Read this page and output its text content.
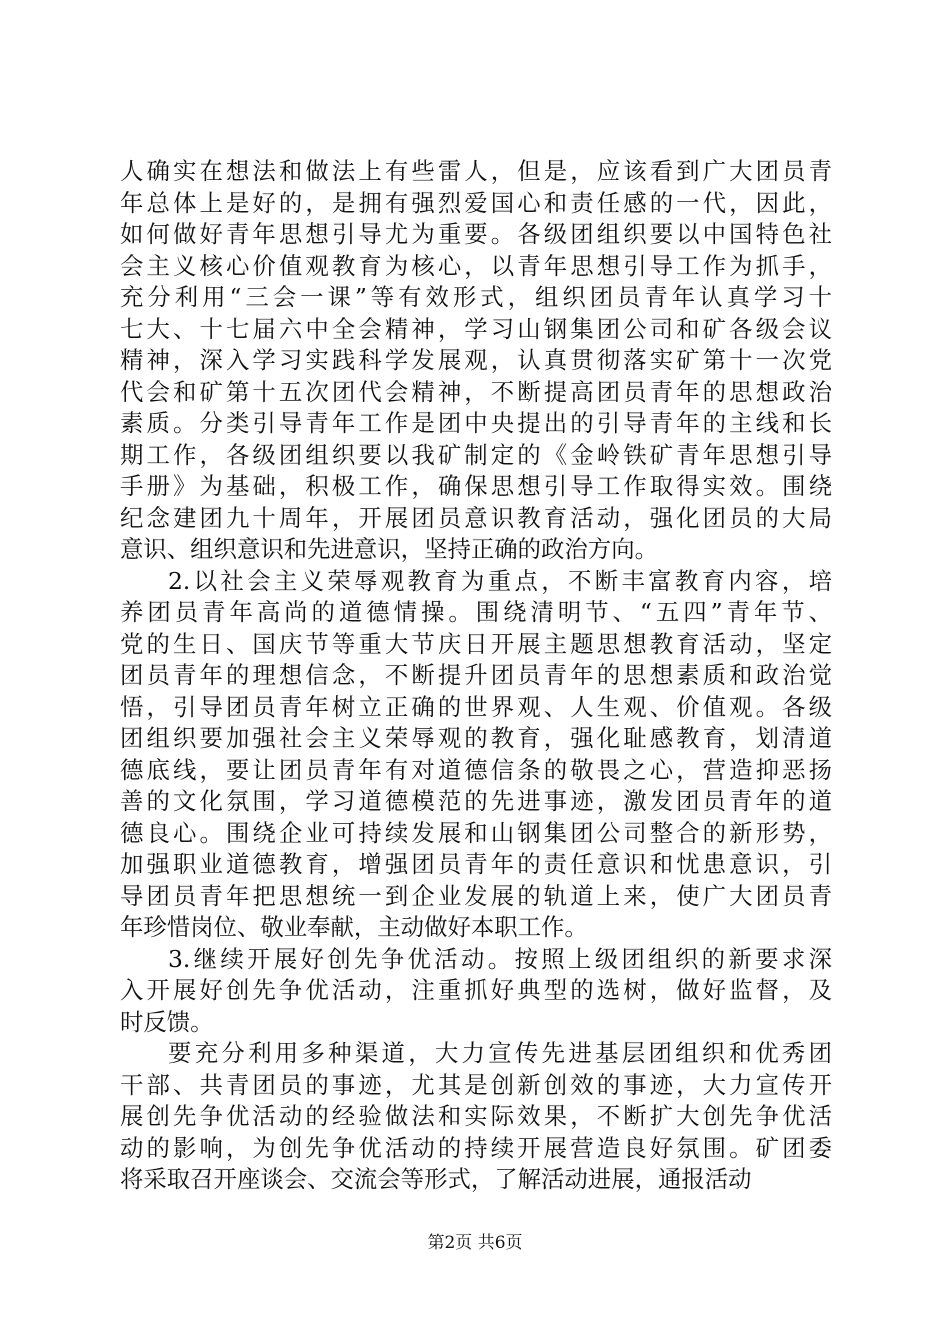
人确实在想法和做法上有些雷人，但是，应该看到广大团员青
年总体上是好的，是拥有强烈爱国心和责任感的一代，因此，
如何做好青年思想引导尤为重要。各级团组织要以中国特色社
会主义核心价值观教育为核心，以青年思想引导工作为抓手，
充分利用“三会一课”等有效形式，组织团员青年认真学习十
七大、十七届六中全会精神，学习山钢集团公司和矿各级会议
精神，深入学习实践科学发展观，认真贯彻落实矿第十一次党
代会和矿第十五次团代会精神，不断提高团员青年的思想政治
素质。分类引导青年工作是团中央提出的引导青年的主线和长
期工作，各级团组织要以我矿制定的《金岭铁矿青年思想引导
手册》为基础，积极工作，确保思想引导工作取得实效。围绕
纪念建团九十周年，开展团员意识教育活动，强化团员的大局
意识、组织意识和先进意识，坚持正确的政治方向。
2.以社会主义荣辱观教育为重点，不断丰富教育内容，培
养团员青年高尚的道德情操。围绕清明节、“五四”青年节、
党的生日、国庆节等重大节庆日开展主题思想教育活动，坚定
团员青年的理想信念，不断提升团员青年的思想素质和政治觉
悟，引导团员青年树立正确的世界观、人生观、价值观。各级
团组织要加强社会主义荣辱观的教育，强化耻感教育，划清道
德底线，要让团员青年有对道德信条的敬畏之心，营造抑恶扬
善的文化氛围，学习道德模范的先进事迹，激发团员青年的道
德良心。围绕企业可持续发展和山钢集团公司整合的新形势，
加强职业道德教育，增强团员青年的责任意识和忧患意识，引
导团员青年把思想统一到企业发展的轨道上来，使广大团员青
年珍惜岗位、敬业奉献，主动做好本职工作。
3.继续开展好创先争优活动。按照上级团组织的新要求深
入开展好创先争优活动，注重抓好典型的选树，做好监督，及
时反馈。
要充分利用多种渠道，大力宣传先进基层团组织和优秀团
干部、共青团员的事迹，尤其是创新创效的事迹，大力宣传开
展创先争优活动的经验做法和实际效果，不断扩大创先争优活
动的影响，为创先争优活动的持续开展营造良好氛围。矿团委
将采取召开座谈会、交流会等形式，了解活动进展，通报活动
第2页 共6页
